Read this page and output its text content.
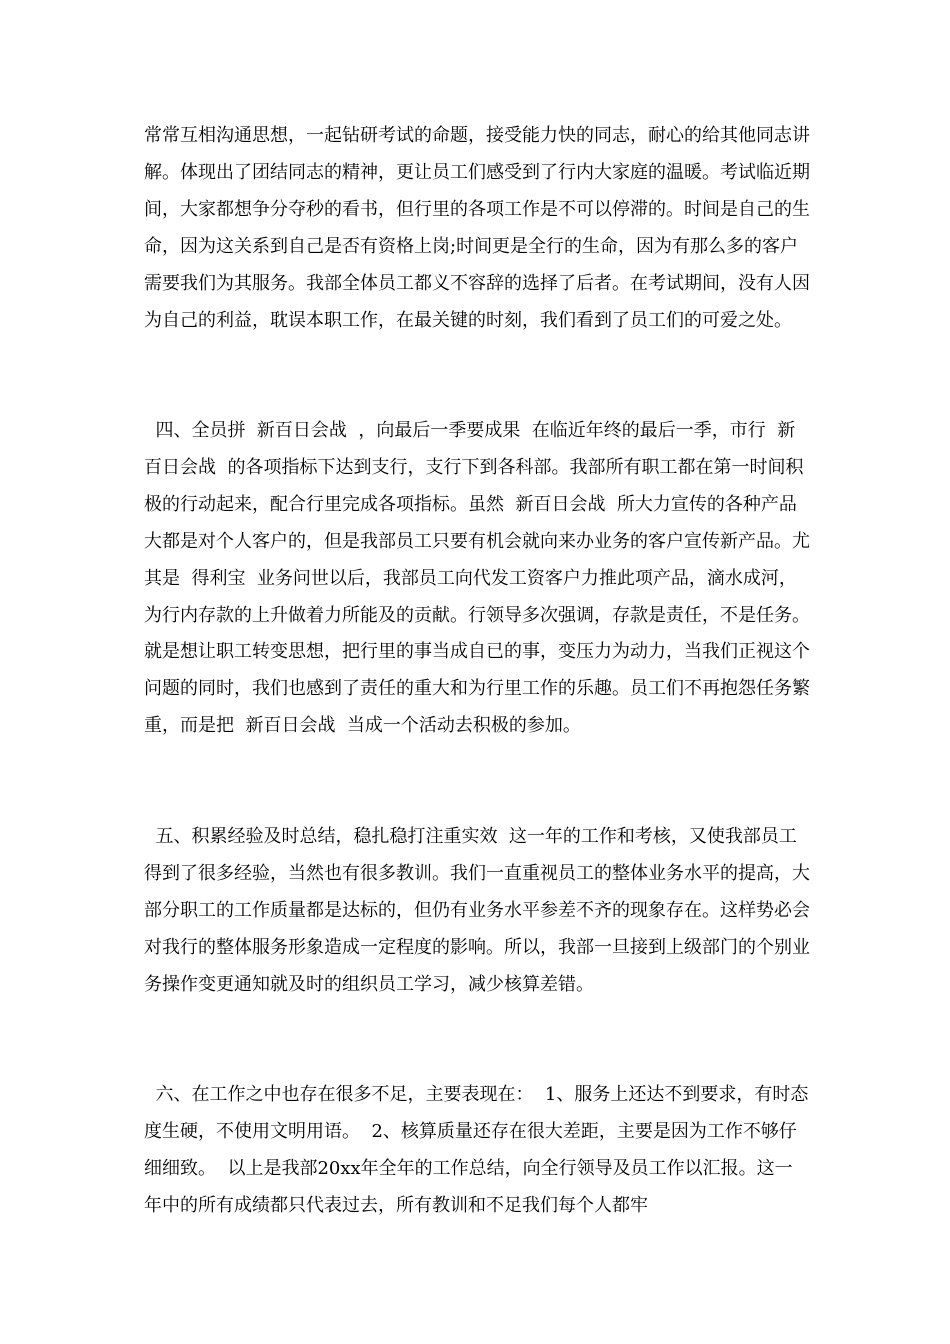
常常互相沟通思想，一起钻研考试的命题，接受能力快的同志，耐心的给其他同志讲解。体现出了团结同志的精神，更让员工们感受到了行内大家庭的温暖。考试临近期间，大家都想争分夺秒的看书，但行里的各项工作是不可以停滞的。时间是自己的生命，因为这关系到自己是否有资格上岗;时间更是全行的生命，因为有那么多的客户需要我们为其服务。我部全体员工都义不容辞的选择了后者。在考试期间，没有人因为自己的利益，耽误本职工作，在最关键的时刻，我们看到了员工们的可爱之处。

四、全员拼  新百日会战  ，向最后一季要成果  在临近年终的最后一季，市行  新百日会战  的各项指标下达到支行，支行下到各科部。我部所有职工都在第一时间积极的行动起来，配合行里完成各项指标。虽然  新百日会战  所大力宣传的各种产品大都是对个人客户的，但是我部员工只要有机会就向来办业务的客户宣传新产品。尤其是  得利宝  业务问世以后，我部员工向代发工资客户力推此项产品，滴水成河，为行内存款的上升做着力所能及的贡献。行领导多次强调，存款是责任，不是任务。就是想让职工转变思想，把行里的事当成自已的事，变压力为动力，当我们正视这个问题的同时，我们也感到了责任的重大和为行里工作的乐趣。员工们不再抱怨任务繁重，而是把  新百日会战  当成一个活动去积极的参加。

五、积累经验及时总结，稳扎稳打注重实效  这一年的工作和考核，又使我部员工得到了很多经验，当然也有很多教训。我们一直重视员工的整体业务水平的提高，大部分职工的工作质量都是达标的，但仍有业务水平参差不齐的现象存在。这样势必会对我行的整体服务形象造成一定程度的影响。所以，我部一旦接到上级部门的个别业务操作变更通知就及时的组织员工学习，减少核算差错。

六、在工作之中也存在很多不足，主要表现在：  1、服务上还达不到要求，有时态度生硬，不使用文明用语。  2、核算质量还存在很大差距，主要是因为工作不够仔细细致。  以上是我部20xx年全年的工作总结，向全行领导及员工作以汇报。这一年中的所有成绩都只代表过去，所有教训和不足我们每个人都牢
